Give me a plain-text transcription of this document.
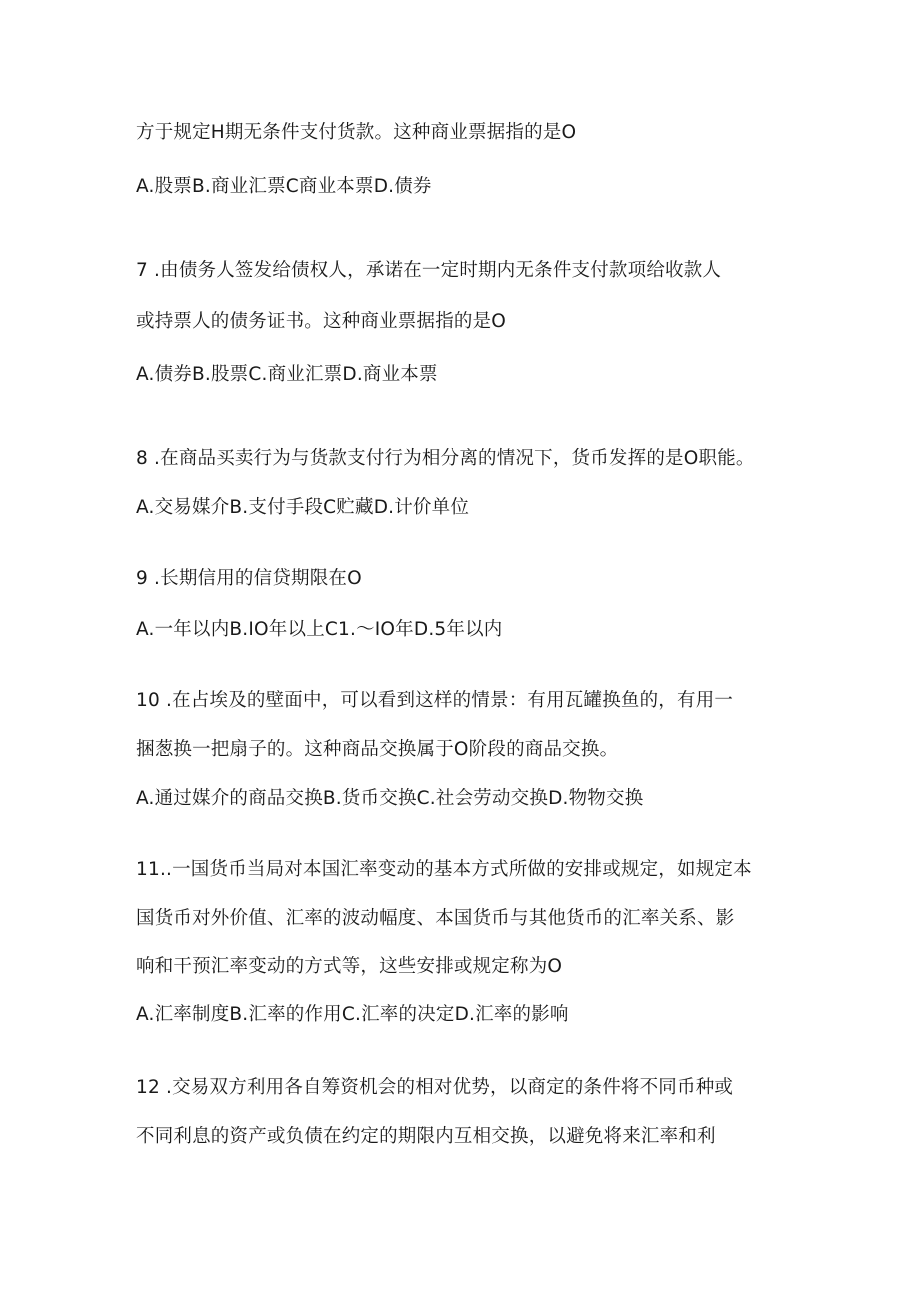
方于规定H期无条件支付货款。这种商业票据指的是O
A.股票B.商业汇票C商业本票D.债券
7 .由债务人签发给债权人，承诺在一定时期内无条件支付款项给收款人
或持票人的债务证书。这种商业票据指的是O
A.债券B.股票C.商业汇票D.商业本票
8 .在商品买卖行为与货款支付行为相分离的情况下，货币发挥的是O职能。
A.交易媒介B.支付手段C贮藏D.计价单位
9 .长期信用的信贷期限在O
A.一年以内B.IO年以上C1.～IO年D.5年以内
10 .在占埃及的壁面中，可以看到这样的情景：有用瓦罐换鱼的，有用一
捆葱换一把扇子的。这种商品交换属于O阶段的商品交换。
A.通过媒介的商品交换B.货币交换C.社会劳动交换D.物物交换
11..一国货币当局对本国汇率变动的基本方式所做的安排或规定，如规定本
国货币对外价值、汇率的波动幅度、本国货币与其他货币的汇率关系、影
响和干预汇率变动的方式等，这些安排或规定称为O
A.汇率制度B.汇率的作用C.汇率的决定D.汇率的影响
12 .交易双方利用各自筹资机会的相对优势，以商定的条件将不同币种或
不同利息的资产或负债在约定的期限内互相交换，以避免将来汇率和利
